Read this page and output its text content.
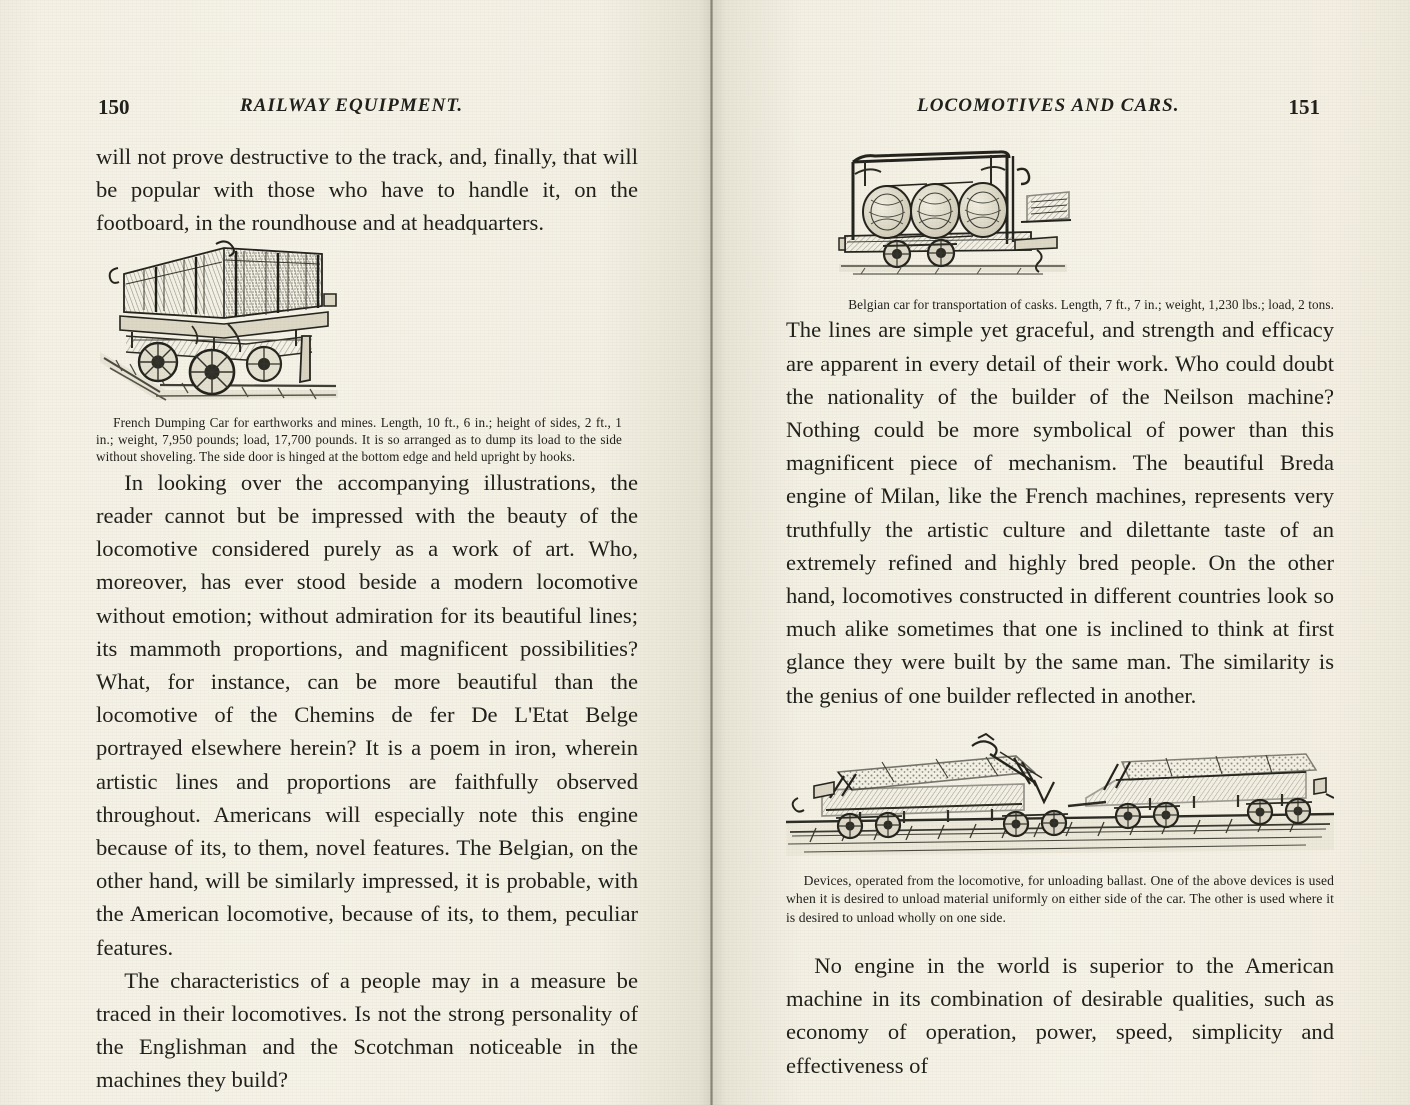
150	RAILWAY EQUIPMENT.

will not prove destructive to the track, and, finally, that will be popular with those who have to handle it, on the footboard, in the roundhouse and at headquarters.

French Dumping Car for earthworks and mines. Length, 10 ft., 6 in.; height of sides, 2 ft., 1 in.; weight, 7,950 pounds; load, 17,700 pounds. It is so arranged as to dump its load to the side without shoveling. The side door is hinged at the bottom edge and held upright by hooks.

In looking over the accompanying illustrations, the reader cannot but be impressed with the beauty of the locomotive considered purely as a work of art. Who, moreover, has ever stood beside a modern locomotive without emotion; without admiration for its beautiful lines; its mammoth proportions, and magnificent possibilities? What, for instance, can be more beautiful than the locomotive of the Chemins de fer De L'Etat Belge portrayed elsewhere herein? It is a poem in iron, wherein artistic lines and proportions are faithfully observed throughout. Americans will especially note this engine because of its, to them, novel features. The Belgian, on the other hand, will be similarly impressed, it is probable, with the American locomotive, because of its, to them, peculiar features.

The characteristics of a people may in a measure be traced in their locomotives. Is not the strong personality of the Englishman and the Scotchman noticeable in the machines they build?

151
LOCOMOTIVES AND CARS.
Belgian car for transportation of casks. Length, 7 ft., 7 in.; weight, 1,230 lbs.; load, 2 tons.

The lines are simple yet graceful, and strength and efficacy are apparent in every detail of their work. Who could doubt the nationality of the builder of the Neilson machine? Nothing could be more symbolical of power than this magnificent piece of mechanism. The beautiful Breda engine of Milan, like the French machines, represents very truthfully the artistic culture and dilettante taste of an extremely refined and highly bred people. On the other hand, locomotives constructed in different countries look so much alike sometimes that one is inclined to think at first glance they were built by the same man. The similarity is the genius of one builder reflected in another.

Devices, operated from the locomotive, for unloading ballast. One of the above devices is used when it is desired to unload material uniformly on either side of the car. The other is used where it is desired to unload wholly on one side.

No engine in the world is superior to the American machine in its combination of desirable qualities, such as economy of operation, power, speed, simplicity and effectiveness of
